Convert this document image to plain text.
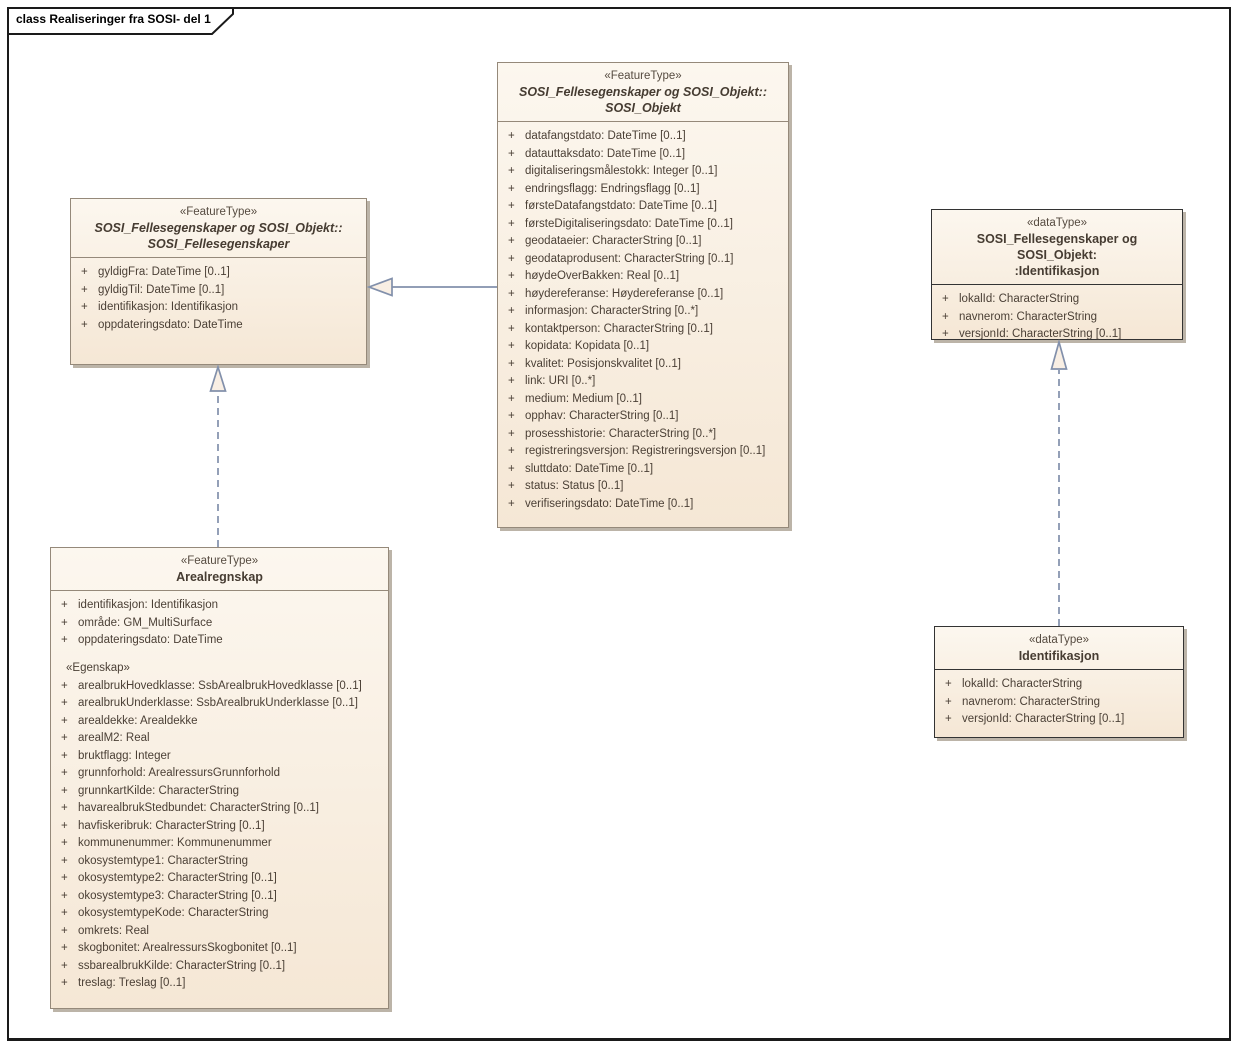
class Realiseringer fra SOSI- del 1
«FeatureType»
SOSI_Fellesegenskaper og SOSI_Objekt::
SOSI_Objekt
+ datafangstdato: DateTime [0..1]
+ datauttaksdato: DateTime [0..1]
+ digitaliseringsmålestokk: Integer [0..1]
+ endringsflagg: Endringsflagg [0..1]
+ førsteDatafangstdato: DateTime [0..1]
+ førsteDigitaliseringsdato: DateTime [0..1]
+ geodataeier: CharacterString [0..1]
+ geodataprodusent: CharacterString [0..1]
+ høydeOverBakken: Real [0..1]
+ høydereferanse: Høydereferanse [0..1]
+ informasjon: CharacterString [0..*]
+ kontaktperson: CharacterString [0..1]
+ kopidata: Kopidata [0..1]
+ kvalitet: Posisjonskvalitet [0..1]
+ link: URI [0..*]
+ medium: Medium [0..1]
+ opphav: CharacterString [0..1]
+ prosesshistorie: CharacterString [0..*]
+ registreringsversjon: Registreringsversjon [0..1]
+ sluttdato: DateTime [0..1]
+ status: Status [0..1]
+ verifiseringsdato: DateTime [0..1]
«FeatureType»
SOSI_Fellesegenskaper og SOSI_Objekt::
SOSI_Fellesegenskaper
+ gyldigFra: DateTime [0..1]
+ gyldigTil: DateTime [0..1]
+ identifikasjon: Identifikasjon
+ oppdateringsdato: DateTime
«FeatureType»
Arealregnskap
+ identifikasjon: Identifikasjon
+ område: GM_MultiSurface
+ oppdateringsdato: DateTime
«Egenskap»
+ arealbrukHovedklasse: SsbArealbrukHovedklasse [0..1]
+ arealbrukUnderklasse: SsbArealbrukUnderklasse [0..1]
+ arealdekke: Arealdekke
+ arealM2: Real
+ bruktflagg: Integer
+ grunnforhold: ArealressursGrunnforhold
+ grunnkartKilde: CharacterString
+ havarealbrukStedbundet: CharacterString [0..1]
+ havfiskeribruk: CharacterString [0..1]
+ kommunenummer: Kommunenummer
+ okosystemtype1: CharacterString
+ okosystemtype2: CharacterString [0..1]
+ okosystemtype3: CharacterString [0..1]
+ okosystemtypeKode: CharacterString
+ omkrets: Real
+ skogbonitet: ArealressursSkogbonitet [0..1]
+ ssbarealbrukKilde: CharacterString [0..1]
+ treslag: Treslag [0..1]
«dataType»
SOSI_Fellesegenskaper og SOSI_Objekt:
:Identifikasjon
+ lokalId: CharacterString
+ navnerom: CharacterString
+ versjonId: CharacterString [0..1]
«dataType»
Identifikasjon
+ lokalId: CharacterString
+ navnerom: CharacterString
+ versjonId: CharacterString [0..1]
